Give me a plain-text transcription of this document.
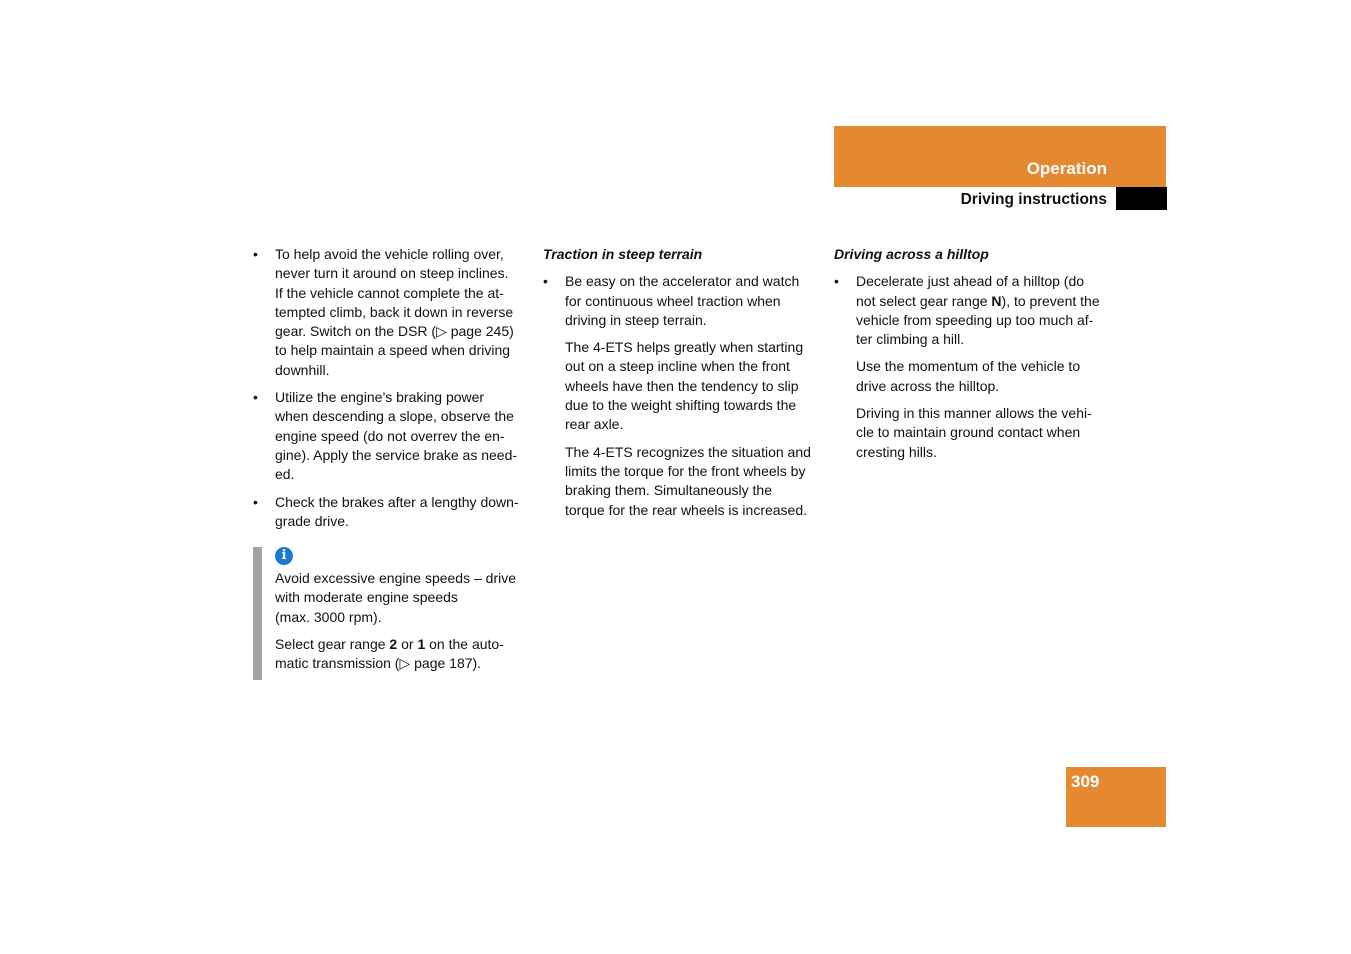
Operation
Driving instructions
• To help avoid the vehicle rolling over,
never turn it around on steep inclines.
If the vehicle cannot complete the at-
tempted climb, back it down in reverse
gear. Switch on the DSR (▷ page 245)
to help maintain a speed when driving
downhill.
• Utilize the engine’s braking power
when descending a slope, observe the
engine speed (do not overrev the en-
gine). Apply the service brake as need-
ed.
• Check the brakes after a lengthy down-
grade drive.
i
Avoid excessive engine speeds – drive
with moderate engine speeds
(max. 3000 rpm).
Select gear range 2 or 1 on the auto-
matic transmission (▷ page 187).
Traction in steep terrain
• Be easy on the accelerator and watch
for continuous wheel traction when
driving in steep terrain.
The 4-ETS helps greatly when starting
out on a steep incline when the front
wheels have then the tendency to slip
due to the weight shifting towards the
rear axle.
The 4-ETS recognizes the situation and
limits the torque for the front wheels by
braking them. Simultaneously the
torque for the rear wheels is increased.
Driving across a hilltop
• Decelerate just ahead of a hilltop (do
not select gear range N), to prevent the
vehicle from speeding up too much af-
ter climbing a hill.
Use the momentum of the vehicle to
drive across the hilltop.
Driving in this manner allows the vehi-
cle to maintain ground contact when
cresting hills.
309
